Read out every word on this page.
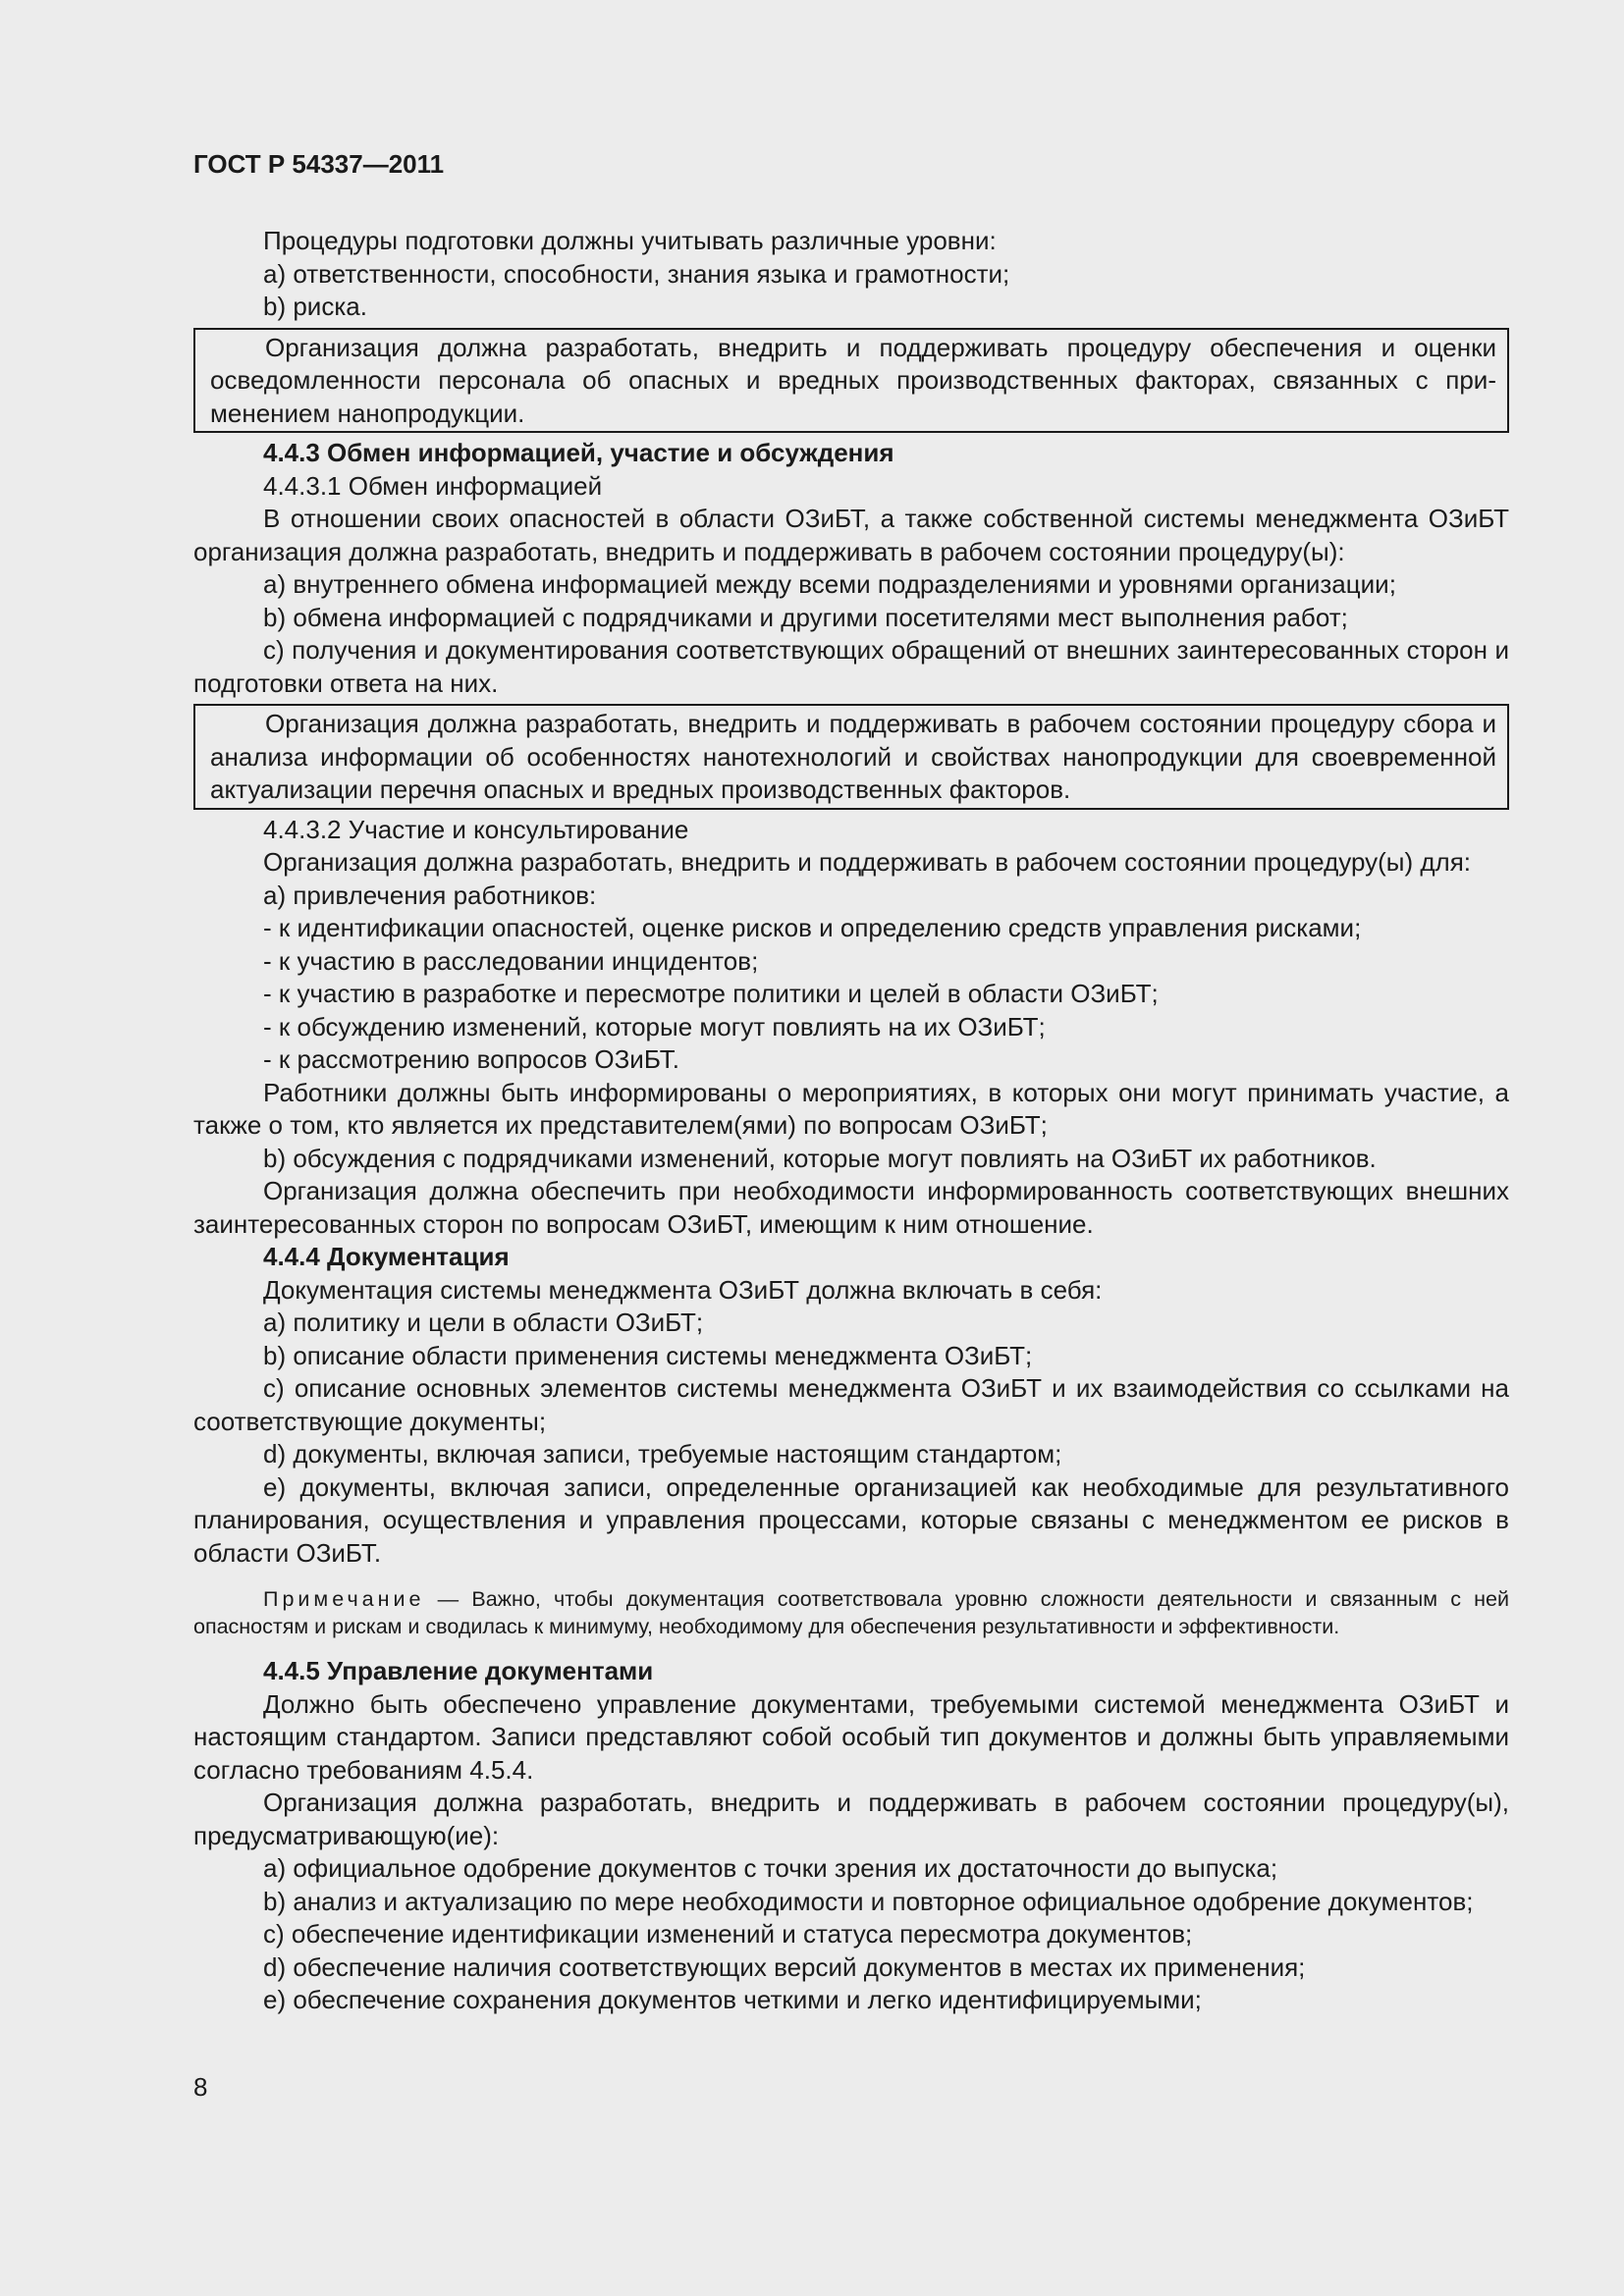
ГОСТ Р 54337—2011

Процедуры подготовки должны учитывать различные уровни:

a) ответственности, способности, знания языка и грамотности;

b) риска.

Организация должна разработать, внедрить и поддерживать процедуру обеспечения и оценки осведомленности персонала об опасных и вредных производственных факторах, связанных с применением нанопродукции.

4.4.3 Обмен информацией, участие и обсуждения

4.4.3.1 Обмен информацией

В отношении своих опасностей в области ОЗиБТ, а также собственной системы менеджмента ОЗиБТ организация должна разработать, внедрить и поддерживать в рабочем состоянии процедуру(ы):

a) внутреннего обмена информацией между всеми подразделениями и уровнями организации;

b) обмена информацией с подрядчиками и другими посетителями мест выполнения работ;

c) получения и документирования соответствующих обращений от внешних заинтересованных сторон и подготовки ответа на них.

Организация должна разработать, внедрить и поддерживать в рабочем состоянии процедуру сбора и анализа информации об особенностях нанотехнологий и свойствах нанопродукции для своевременной актуализации перечня опасных и вредных производственных факторов.

4.4.3.2 Участие и консультирование

Организация должна разработать, внедрить и поддерживать в рабочем состоянии процедуру(ы) для:

a) привлечения работников:

- к идентификации опасностей, оценке рисков и определению средств управления рисками;

- к участию в расследовании инцидентов;

- к участию в разработке и пересмотре политики и целей в области ОЗиБТ;

- к обсуждению изменений, которые могут повлиять на их ОЗиБТ;

- к рассмотрению вопросов ОЗиБТ.

Работники должны быть информированы о мероприятиях, в которых они могут принимать участие, а также о том, кто является их представителем(ями) по вопросам ОЗиБТ;

b) обсуждения с подрядчиками изменений, которые могут повлиять на ОЗиБТ их работников.

Организация должна обеспечить при необходимости информированность соответствующих внешних заинтересованных сторон по вопросам ОЗиБТ, имеющим к ним отношение.

4.4.4 Документация

Документация системы менеджмента ОЗиБТ должна включать в себя:

a) политику и цели в области ОЗиБТ;

b) описание области применения системы менеджмента ОЗиБТ;

c) описание основных элементов системы менеджмента ОЗиБТ и их взаимодействия со ссылками на соответствующие документы;

d) документы, включая записи, требуемые настоящим стандартом;

e) документы, включая записи, определенные организацией как необходимые для результативного планирования, осуществления и управления процессами, которые связаны с менеджментом ее рисков в области ОЗиБТ.

Примечание — Важно, чтобы документация соответствовала уровню сложности деятельности и связанным с ней опасностям и рискам и сводилась к минимуму, необходимому для обеспечения результативности и эффективности.

4.4.5 Управление документами

Должно быть обеспечено управление документами, требуемыми системой менеджмента ОЗиБТ и настоящим стандартом. Записи представляют собой особый тип документов и должны быть управляемыми согласно требованиям 4.5.4.

Организация должна разработать, внедрить и поддерживать в рабочем состоянии процедуру(ы), предусматривающую(ие):

a) официальное одобрение документов с точки зрения их достаточности до выпуска;

b) анализ и актуализацию по мере необходимости и повторное официальное одобрение документов;

c) обеспечение идентификации изменений и статуса пересмотра документов;

d) обеспечение наличия соответствующих версий документов в местах их применения;

e) обеспечение сохранения документов четкими и легко идентифицируемыми;

8
